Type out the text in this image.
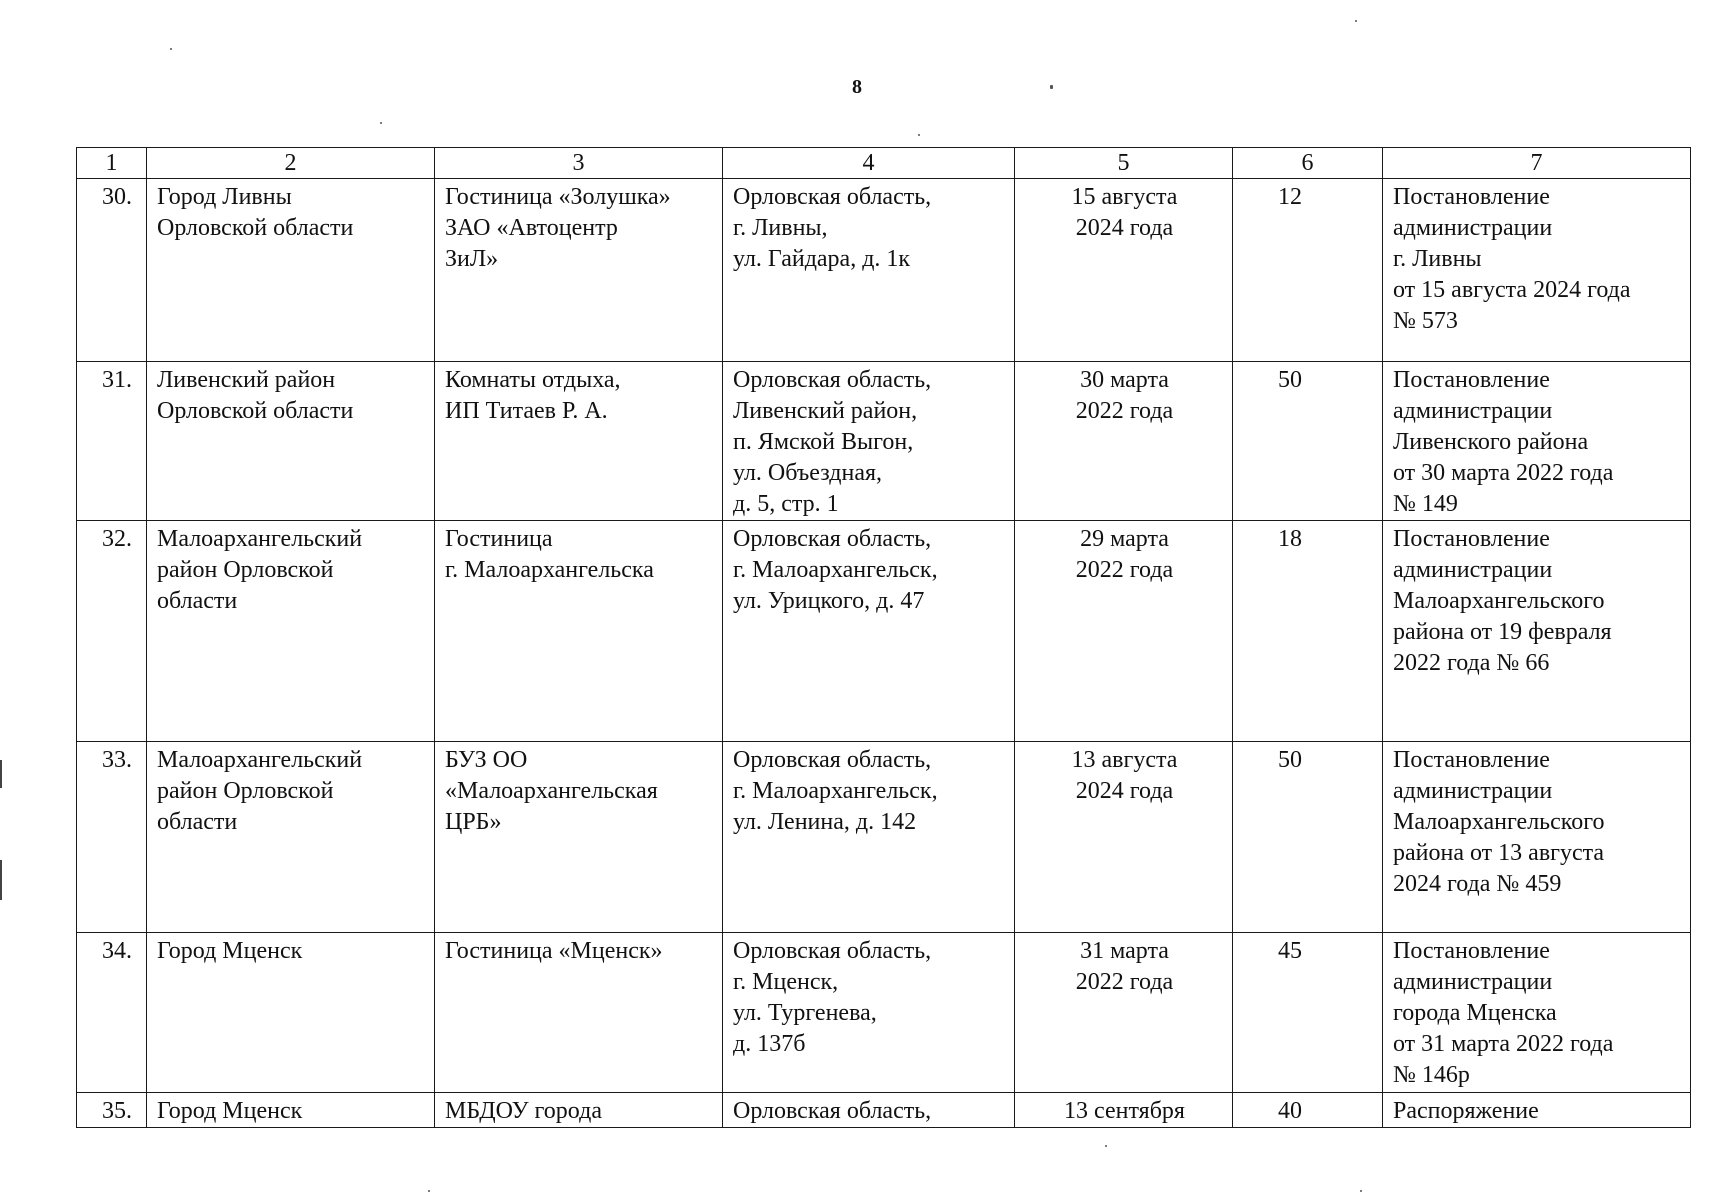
8
1	2	3	4	5	6	7
30.	Город Ливны
Орловской области	Гостиница «Золушка»
ЗАО «Автоцентр
ЗиЛ»	Орловская область,
г. Ливны,
ул. Гайдара, д. 1к	15 августа
2024 года	12	Постановление
администрации
г. Ливны
от 15 августа 2024 года
№ 573
31.	Ливенский район
Орловской области	Комнаты отдыха,
ИП Титаев Р. А.	Орловская область,
Ливенский район,
п. Ямской Выгон,
ул. Объездная,
д. 5, стр. 1	30 марта
2022 года	50	Постановление
администрации
Ливенского района
от 30 марта 2022 года
№ 149
32.	Малоархангельский
район Орловской
области	Гостиница
г. Малоархангельска	Орловская область,
г. Малоархангельск,
ул. Урицкого, д. 47	29 марта
2022 года	18	Постановление
администрации
Малоархангельского
района от 19 февраля
2022 года № 66
33.	Малоархангельский
район Орловской
области	БУЗ ОО
«Малоархангельская
ЦРБ»	Орловская область,
г. Малоархангельск,
ул. Ленина, д. 142	13 августа
2024 года	50	Постановление
администрации
Малоархангельского
района от 13 августа
2024 года № 459
34.	Город Мценск	Гостиница «Мценск»	Орловская область,
г. Мценск,
ул. Тургенева,
д. 137б	31 марта
2022 года	45	Постановление
администрации
города Мценска
от 31 марта 2022 года
№ 146р
35.	Город Мценск	МБДОУ города	Орловская область,	13 сентября	40	Распоряжение
